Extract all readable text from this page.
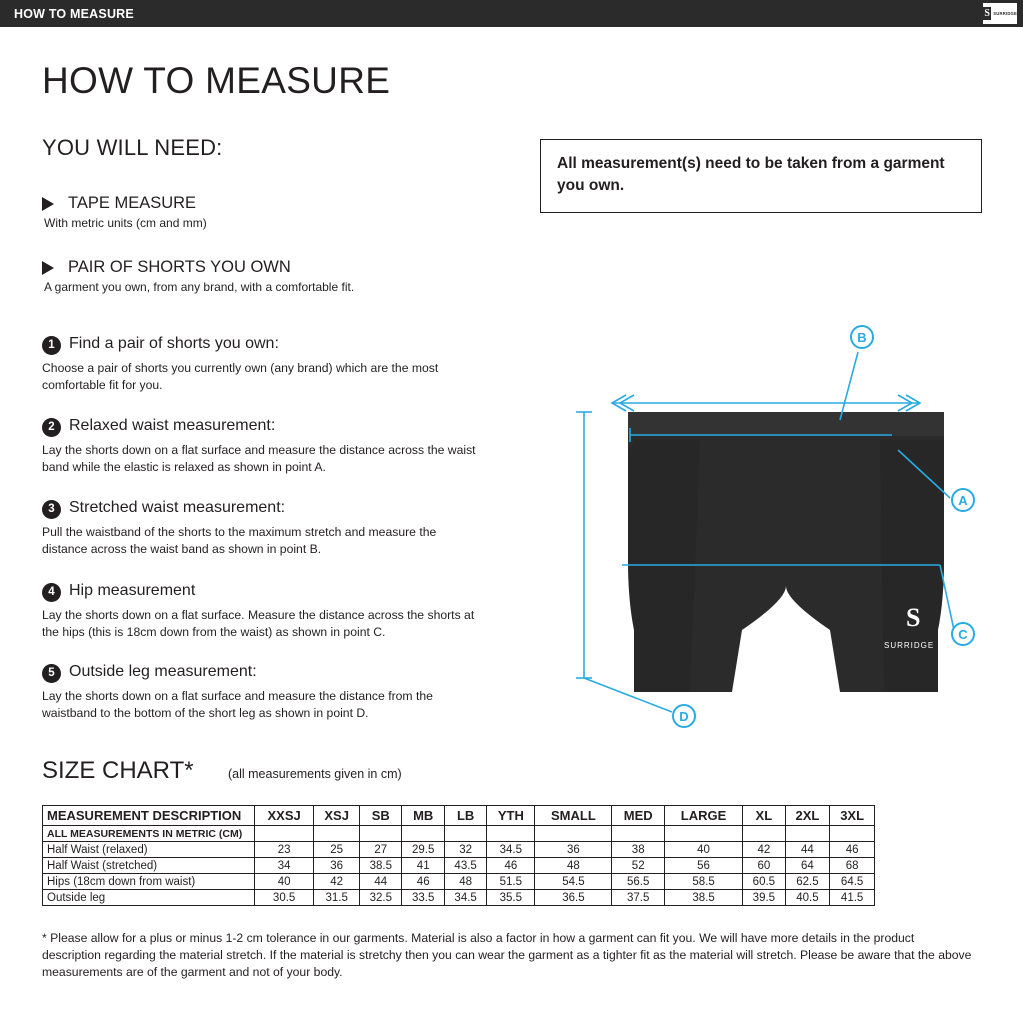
HOW TO MEASURE	S SURRIDGE
HOW TO MEASURE
YOU WILL NEED:
TAPE MEASURE
With metric units (cm and mm)
PAIR OF SHORTS YOU OWN
A garment you own, from any brand, with a comfortable fit.
All measurement(s) need to be taken from a garment you own.
1 Find a pair of shorts you own:
Choose a pair of shorts you currently own (any brand) which are the most comfortable fit for you.
2 Relaxed waist measurement:
Lay the shorts down on a flat surface and measure the distance across the waist band while the elastic is relaxed as shown in point A.
3 Stretched waist measurement:
Pull the waistband of the shorts to the maximum stretch and measure the distance across the waist band as shown in point B.
4 Hip measurement
Lay the shorts down on a flat surface. Measure the distance across the shorts at the hips (this is 18cm down from the waist) as shown in point C.
5 Outside leg measurement:
Lay the shorts down on a flat surface and measure the distance from the waistband to the bottom of the short leg as shown in point D.
S
SURRIDGE
B
A
C
D
SIZE CHART*	(all measurements given in cm)
MEASUREMENT DESCRIPTION	XXSJ	XSJ	SB	MB	LB	YTH	SMALL	MED	LARGE	XL	2XL	3XL
ALL MEASUREMENTS IN METRIC (CM)												
Half Waist (relaxed)	23	25	27	29.5	32	34.5	36	38	40	42	44	46
Half Waist (stretched)	34	36	38.5	41	43.5	46	48	52	56	60	64	68
Hips (18cm down from waist)	40	42	44	46	48	51.5	54.5	56.5	58.5	60.5	62.5	64.5
Outside leg	30.5	31.5	32.5	33.5	34.5	35.5	36.5	37.5	38.5	39.5	40.5	41.5
* Please allow for a plus or minus 1-2 cm tolerance in our garments. Material is also a factor in how a garment can fit you. We will have more details in the product description regarding the material stretch. If the material is stretchy then you can wear the garment as a tighter fit as the material will stretch. Please be aware that the above measurements are of the garment and not of your body.
